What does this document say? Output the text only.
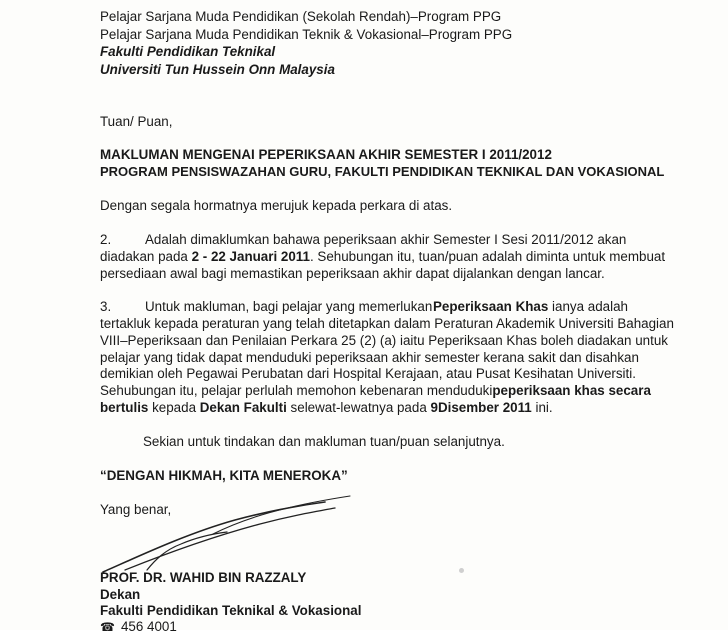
Pelajar Sarjana Muda Pendidikan (Sekolah Rendah)–Program PPG
Pelajar Sarjana Muda Pendidikan Teknik & Vokasional–Program PPG
Fakulti Pendidikan Teknikal
Universiti Tun Hussein Onn Malaysia
Tuan/ Puan,
MAKLUMAN MENGENAI PEPERIKSAAN AKHIR SEMESTER I 2011/2012
PROGRAM PENSISWAZAHAN GURU, FAKULTI PENDIDIKAN TEKNIKAL DAN VOKASIONAL
Dengan segala hormatnya merujuk kepada perkara di atas.
2.	Adalah dimaklumkan bahawa peperiksaan akhir Semester I Sesi 2011/2012 akan
diadakan pada 2 - 22 Januari 2011. Sehubungan itu, tuan/puan adalah diminta untuk membuat
persediaan awal bagi memastikan peperiksaan akhir dapat dijalankan dengan lancar.
3.	Untuk makluman, bagi pelajar yang memerlukan Peperiksaan Khas ianya adalah
tertakluk kepada peraturan yang telah ditetapkan dalam Peraturan Akademik Universiti Bahagian
VIII–Peperiksaan dan Penilaian Perkara 25 (2) (a) iaitu Peperiksaan Khas boleh diadakan untuk
pelajar yang tidak dapat menduduki peperiksaan akhir semester kerana sakit dan disahkan
demikian oleh Pegawai Perubatan dari Hospital Kerajaan, atau Pusat Kesihatan Universiti.
Sehubungan itu, pelajar perlulah memohon kebenaran menduduki peperiksaan khas secara
bertulis kepada Dekan Fakulti selewat-lewatnya pada 9Disember 2011 ini.
Sekian untuk tindakan dan makluman tuan/puan selanjutnya.
“DENGAN HIKMAH, KITA MENEROKA”
Yang benar,
PROF. DR. WAHID BIN RAZZALY
Dekan
Fakulti Pendidikan Teknikal & Vokasional
☎ 456 4001
